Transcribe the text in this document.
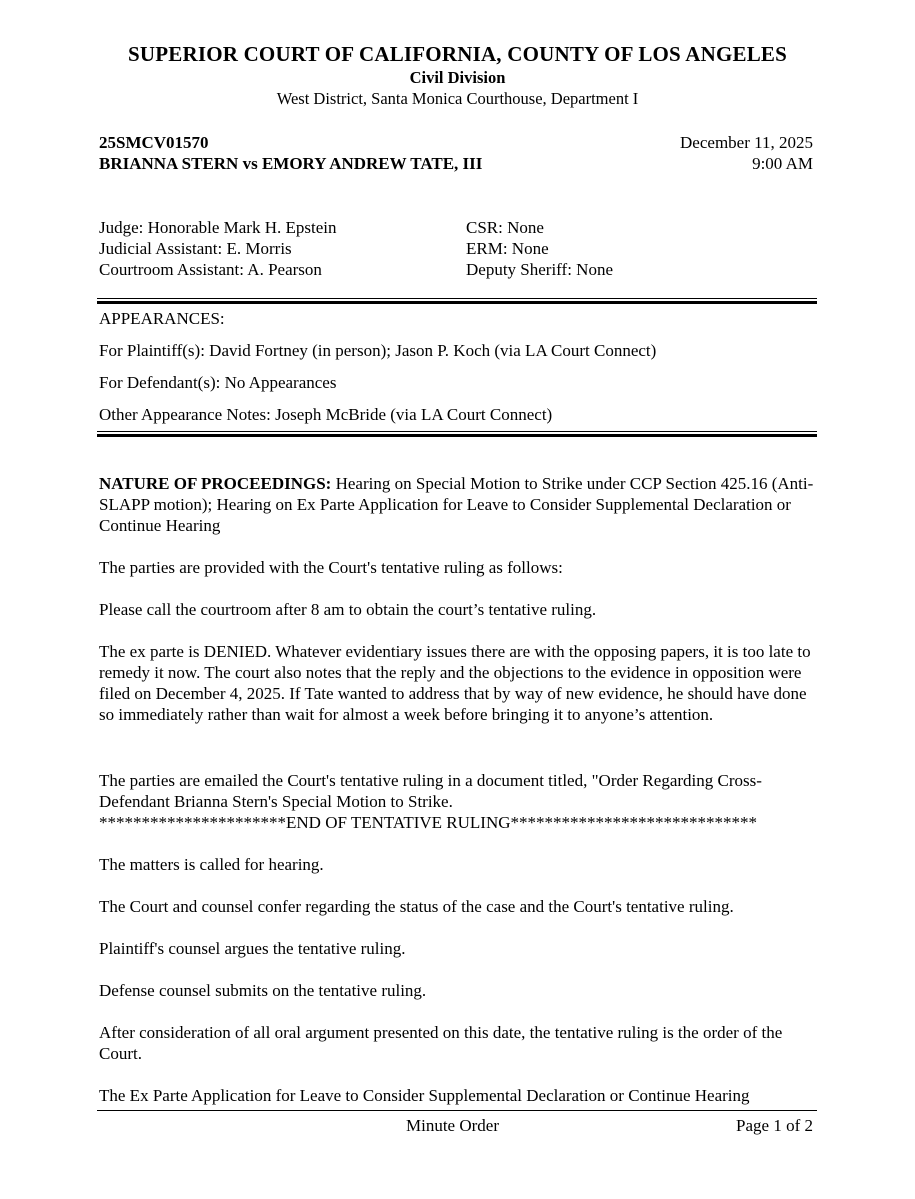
SUPERIOR COURT OF CALIFORNIA, COUNTY OF LOS ANGELES
Civil Division
West District, Santa Monica Courthouse, Department I
25SMCV01570
BRIANNA STERN vs EMORY ANDREW TATE, III
December 11, 2025
9:00 AM
Judge: Honorable Mark H. Epstein
Judicial Assistant: E. Morris
Courtroom Assistant: A. Pearson
CSR: None
ERM: None
Deputy Sheriff: None
APPEARANCES:
For Plaintiff(s): David Fortney (in person); Jason P. Koch (via LA Court Connect)
For Defendant(s): No Appearances
Other Appearance Notes: Joseph McBride (via LA Court Connect)
NATURE OF PROCEEDINGS: Hearing on Special Motion to Strike under CCP Section 425.16 (Anti-SLAPP motion); Hearing on Ex Parte Application for Leave to Consider Supplemental Declaration or Continue Hearing
The parties are provided with the Court's tentative ruling as follows:
Please call the courtroom after 8 am to obtain the court’s tentative ruling.
The ex parte is DENIED. Whatever evidentiary issues there are with the opposing papers, it is too late to remedy it now. The court also notes that the reply and the objections to the evidence in opposition were filed on December 4, 2025. If Tate wanted to address that by way of new evidence, he should have done so immediately rather than wait for almost a week before bringing it to anyone’s attention.
The parties are emailed the Court's tentative ruling in a document titled, "Order Regarding Cross-Defendant Brianna Stern's Special Motion to Strike.
**********************END OF TENTATIVE RULING*****************************
The matters is called for hearing.
The Court and counsel confer regarding the status of the case and the Court's tentative ruling.
Plaintiff's counsel argues the tentative ruling.
Defense counsel submits on the tentative ruling.
After consideration of all oral argument presented on this date, the tentative ruling is the order of the Court.
The Ex Parte Application for Leave to Consider Supplemental Declaration or Continue Hearing
Minute Order	Page 1 of 2
